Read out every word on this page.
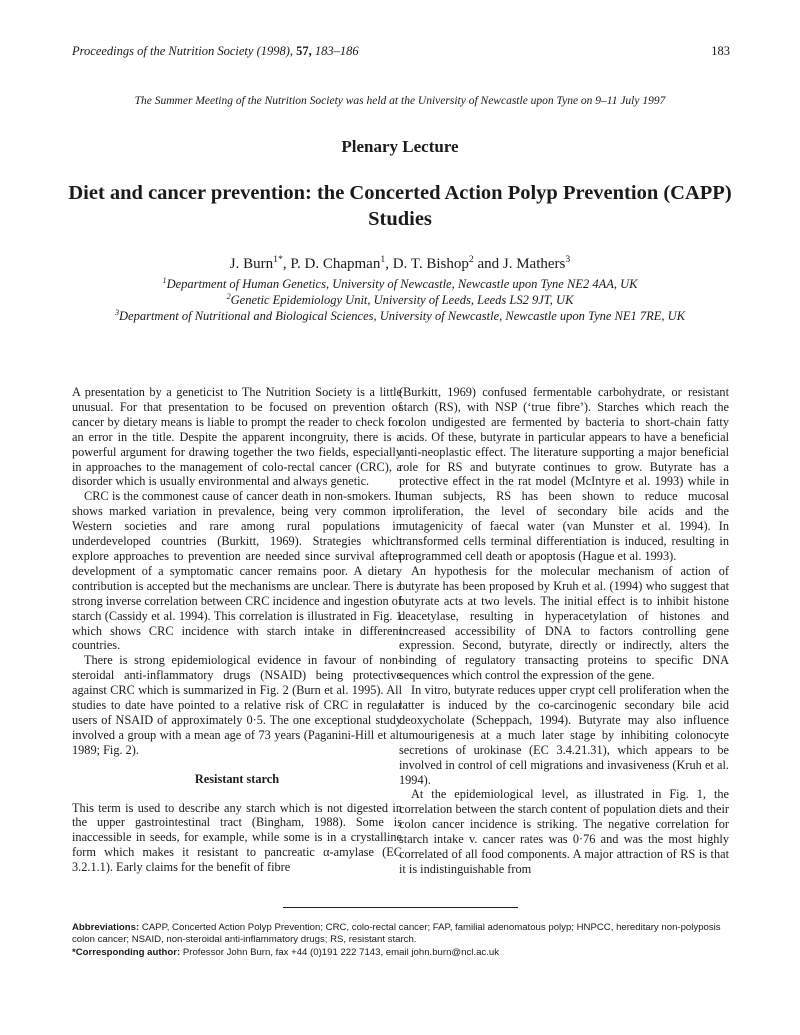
Proceedings of the Nutrition Society (1998), 57, 183–186	183
The Summer Meeting of the Nutrition Society was held at the University of Newcastle upon Tyne on 9–11 July 1997
Plenary Lecture
Diet and cancer prevention: the Concerted Action Polyp Prevention (CAPP) Studies
J. Burn$^{1*}$, P. D. Chapman$^1$, D. T. Bishop$^2$ and J. Mathers$^3$
$^1$Department of Human Genetics, University of Newcastle, Newcastle upon Tyne NE2 4AA, UK
$^2$Genetic Epidemiology Unit, University of Leeds, Leeds LS2 9JT, UK
$^3$Department of Nutritional and Biological Sciences, University of Newcastle, Newcastle upon Tyne NE1 7RE, UK

A presentation by a geneticist to The Nutrition Society is a little unusual. For that presentation to be focused on prevention of cancer by dietary means is liable to prompt the reader to check for an error in the title. Despite the apparent incongruity, there is a powerful argument for drawing together the two fields, especially in approaches to the management of colo-rectal cancer (CRC), a disorder which is usually environmental and always genetic.

CRC is the commonest cause of cancer death in non-smokers. It shows marked variation in prevalence, being very common in Western societies and rare among rural populations in underdeveloped countries (Burkitt, 1969). Strategies which explore approaches to prevention are needed since survival after development of a symptomatic cancer remains poor. A dietary contribution is accepted but the mechanisms are unclear. There is a strong inverse correlation between CRC incidence and ingestion of starch (Cassidy et al. 1994). This correlation is illustrated in Fig. 1 which shows CRC incidence with starch intake in different countries.

There is strong epidemiological evidence in favour of non-steroidal anti-inflammatory drugs (NSAID) being protective against CRC which is summarized in Fig. 2 (Burn et al. 1995). All studies to date have pointed to a relative risk of CRC in regular users of NSAID of approximately 0·5. The one exceptional study involved a group with a mean age of 73 years (Paganini-Hill et al. 1989; Fig. 2).

Resistant starch

This term is used to describe any starch which is not digested in the upper gastrointestinal tract (Bingham, 1988). Some is inaccessible in seeds, for example, while some is in a crystalline form which makes it resistant to pancreatic α-amylase (EC 3.2.1.1). Early claims for the benefit of fibre

(Burkitt, 1969) confused fermentable carbohydrate, or resistant starch (RS), with NSP (‘true fibre’). Starches which reach the colon undigested are fermented by bacteria to short-chain fatty acids. Of these, butyrate in particular appears to have a beneficial anti-neoplastic effect. The literature supporting a major beneficial role for RS and butyrate continues to grow. Butyrate has a protective effect in the rat model (McIntyre et al. 1993) while in human subjects, RS has been shown to reduce mucosal proliferation, the level of secondary bile acids and the mutagenicity of faecal water (van Munster et al. 1994). In transformed cells terminal differentiation is induced, resulting in programmed cell death or apoptosis (Hague et al. 1993).

An hypothesis for the molecular mechanism of action of butyrate has been proposed by Kruh et al. (1994) who suggest that butyrate acts at two levels. The initial effect is to inhibit histone deacetylase, resulting in hyperacetylation of histones and increased accessibility of DNA to factors controlling gene expression. Second, butyrate, directly or indirectly, alters the binding of regulatory transacting proteins to specific DNA sequences which control the expression of the gene.

In vitro, butyrate reduces upper crypt cell proliferation when the latter is induced by the co-carcinogenic secondary bile acid deoxycholate (Scheppach, 1994). Butyrate may also influence tumourigenesis at a much later stage by inhibiting colonocyte secretions of urokinase (EC 3.4.21.31), which appears to be involved in control of cell migrations and invasiveness (Kruh et al. 1994).

At the epidemiological level, as illustrated in Fig. 1, the correlation between the starch content of population diets and their colon cancer incidence is striking. The negative correlation for starch intake v. cancer rates was 0·76 and was the most highly correlated of all food components. A major attraction of RS is that it is indistinguishable from

Abbreviations: CAPP, Concerted Action Polyp Prevention; CRC, colo-rectal cancer; FAP, familial adenomatous polyp; HNPCC, hereditary non-polyposis colon cancer; NSAID, non-steroidal anti-inflammatory drugs; RS, resistant starch.
*Corresponding author: Professor John Burn, fax +44 (0)191 222 7143, email john.burn@ncl.ac.uk
